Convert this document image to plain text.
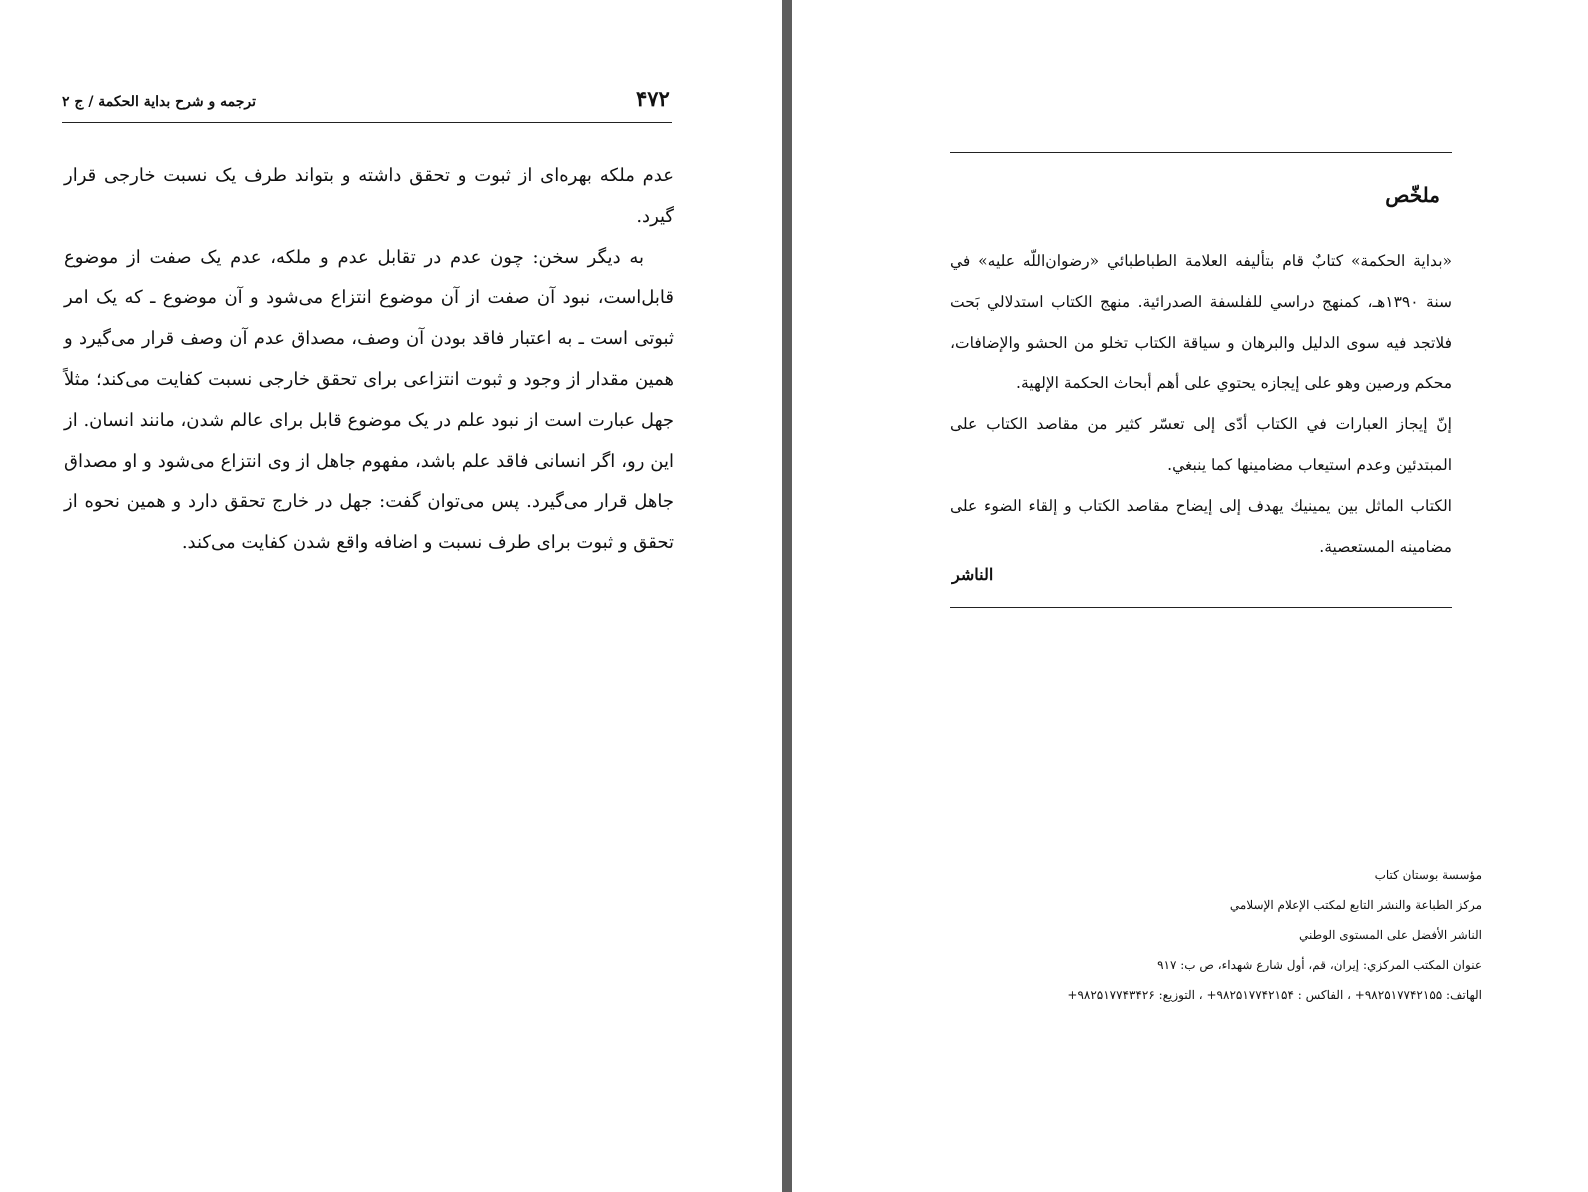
۴۷۲
ترجمه و شرح بداية الحكمة / ج ۲

عدم ملکه بهره‌ای از ثبوت و تحقق داشته و بتواند طرف یک نسبت خارجی قرار گیرد.

به دیگر سخن: چون عدم در تقابل عدم و ملکه، عدم یک صفت از موضوع قابل‌است، نبود آن صفت از آن موضوع انتزاع می‌شود و آن موضوع ـ که یک امر ثبوتی است ـ به اعتبار فاقد بودن آن وصف، مصداق عدم آن وصف قرار می‌گیرد و همین مقدار از وجود و ثبوت انتزاعی برای تحقق خارجی نسبت کفایت می‌کند؛ مثلاً جهل عبارت است از نبود علم در یک موضوع قابل برای عالم شدن، مانند انسان. از این رو، اگر انسانی فاقد علم باشد، مفهوم جاهل از وی انتزاع می‌شود و او مصداق جاهل قرار می‌گیرد. پس می‌توان گفت: جهل در خارج تحقق دارد و همین نحوه از تحقق و ثبوت برای طرف نسبت و اضافه واقع شدن کفایت می‌کند.

ملخّص

«بداية الحكمة» كتابٌ قام بتأليفه العلامة الطباطبائي «رضوان‌اللّه عليه» في سنة ۱۳۹۰هـ، كمنهج دراسي للفلسفة الصدرائية. منهج الكتاب استدلالي بَحت فلاتجد فيه سوى الدليل والبرهان و سياقة الكتاب تخلو من الحشو والإضافات، محكم ورصين وهو على إيجازه يحتوي على أهم أبحاث الحكمة الإلهية.

إنّ إيجاز العبارات في الكتاب أدّى إلى تعسّر كثير من مقاصد الكتاب على المبتدئين وعدم استيعاب مضامينها كما ينبغي.

الكتاب الماثل بين يمينيك يهدف إلى إيضاح مقاصد الكتاب و إلقاء الضوء على مضامينه المستعصية.

الناشر

مؤسسة بوستان كتاب

مركز الطباعة والنشر التابع لمكتب الإعلام الإسلامي

الناشر الأفضل على المستوى الوطني

عنوان المكتب المركزي: إيران، قم، أول شارع شهداء، ص ب: ۹۱۷

الهاتف: ۹۸۲۵۱۷۷۴۲۱۵۵+ ، الفاكس : ۹۸۲۵۱۷۷۴۲۱۵۴+ ، التوزيع: ۹۸۲۵۱۷۷۴۳۴۲۶+
